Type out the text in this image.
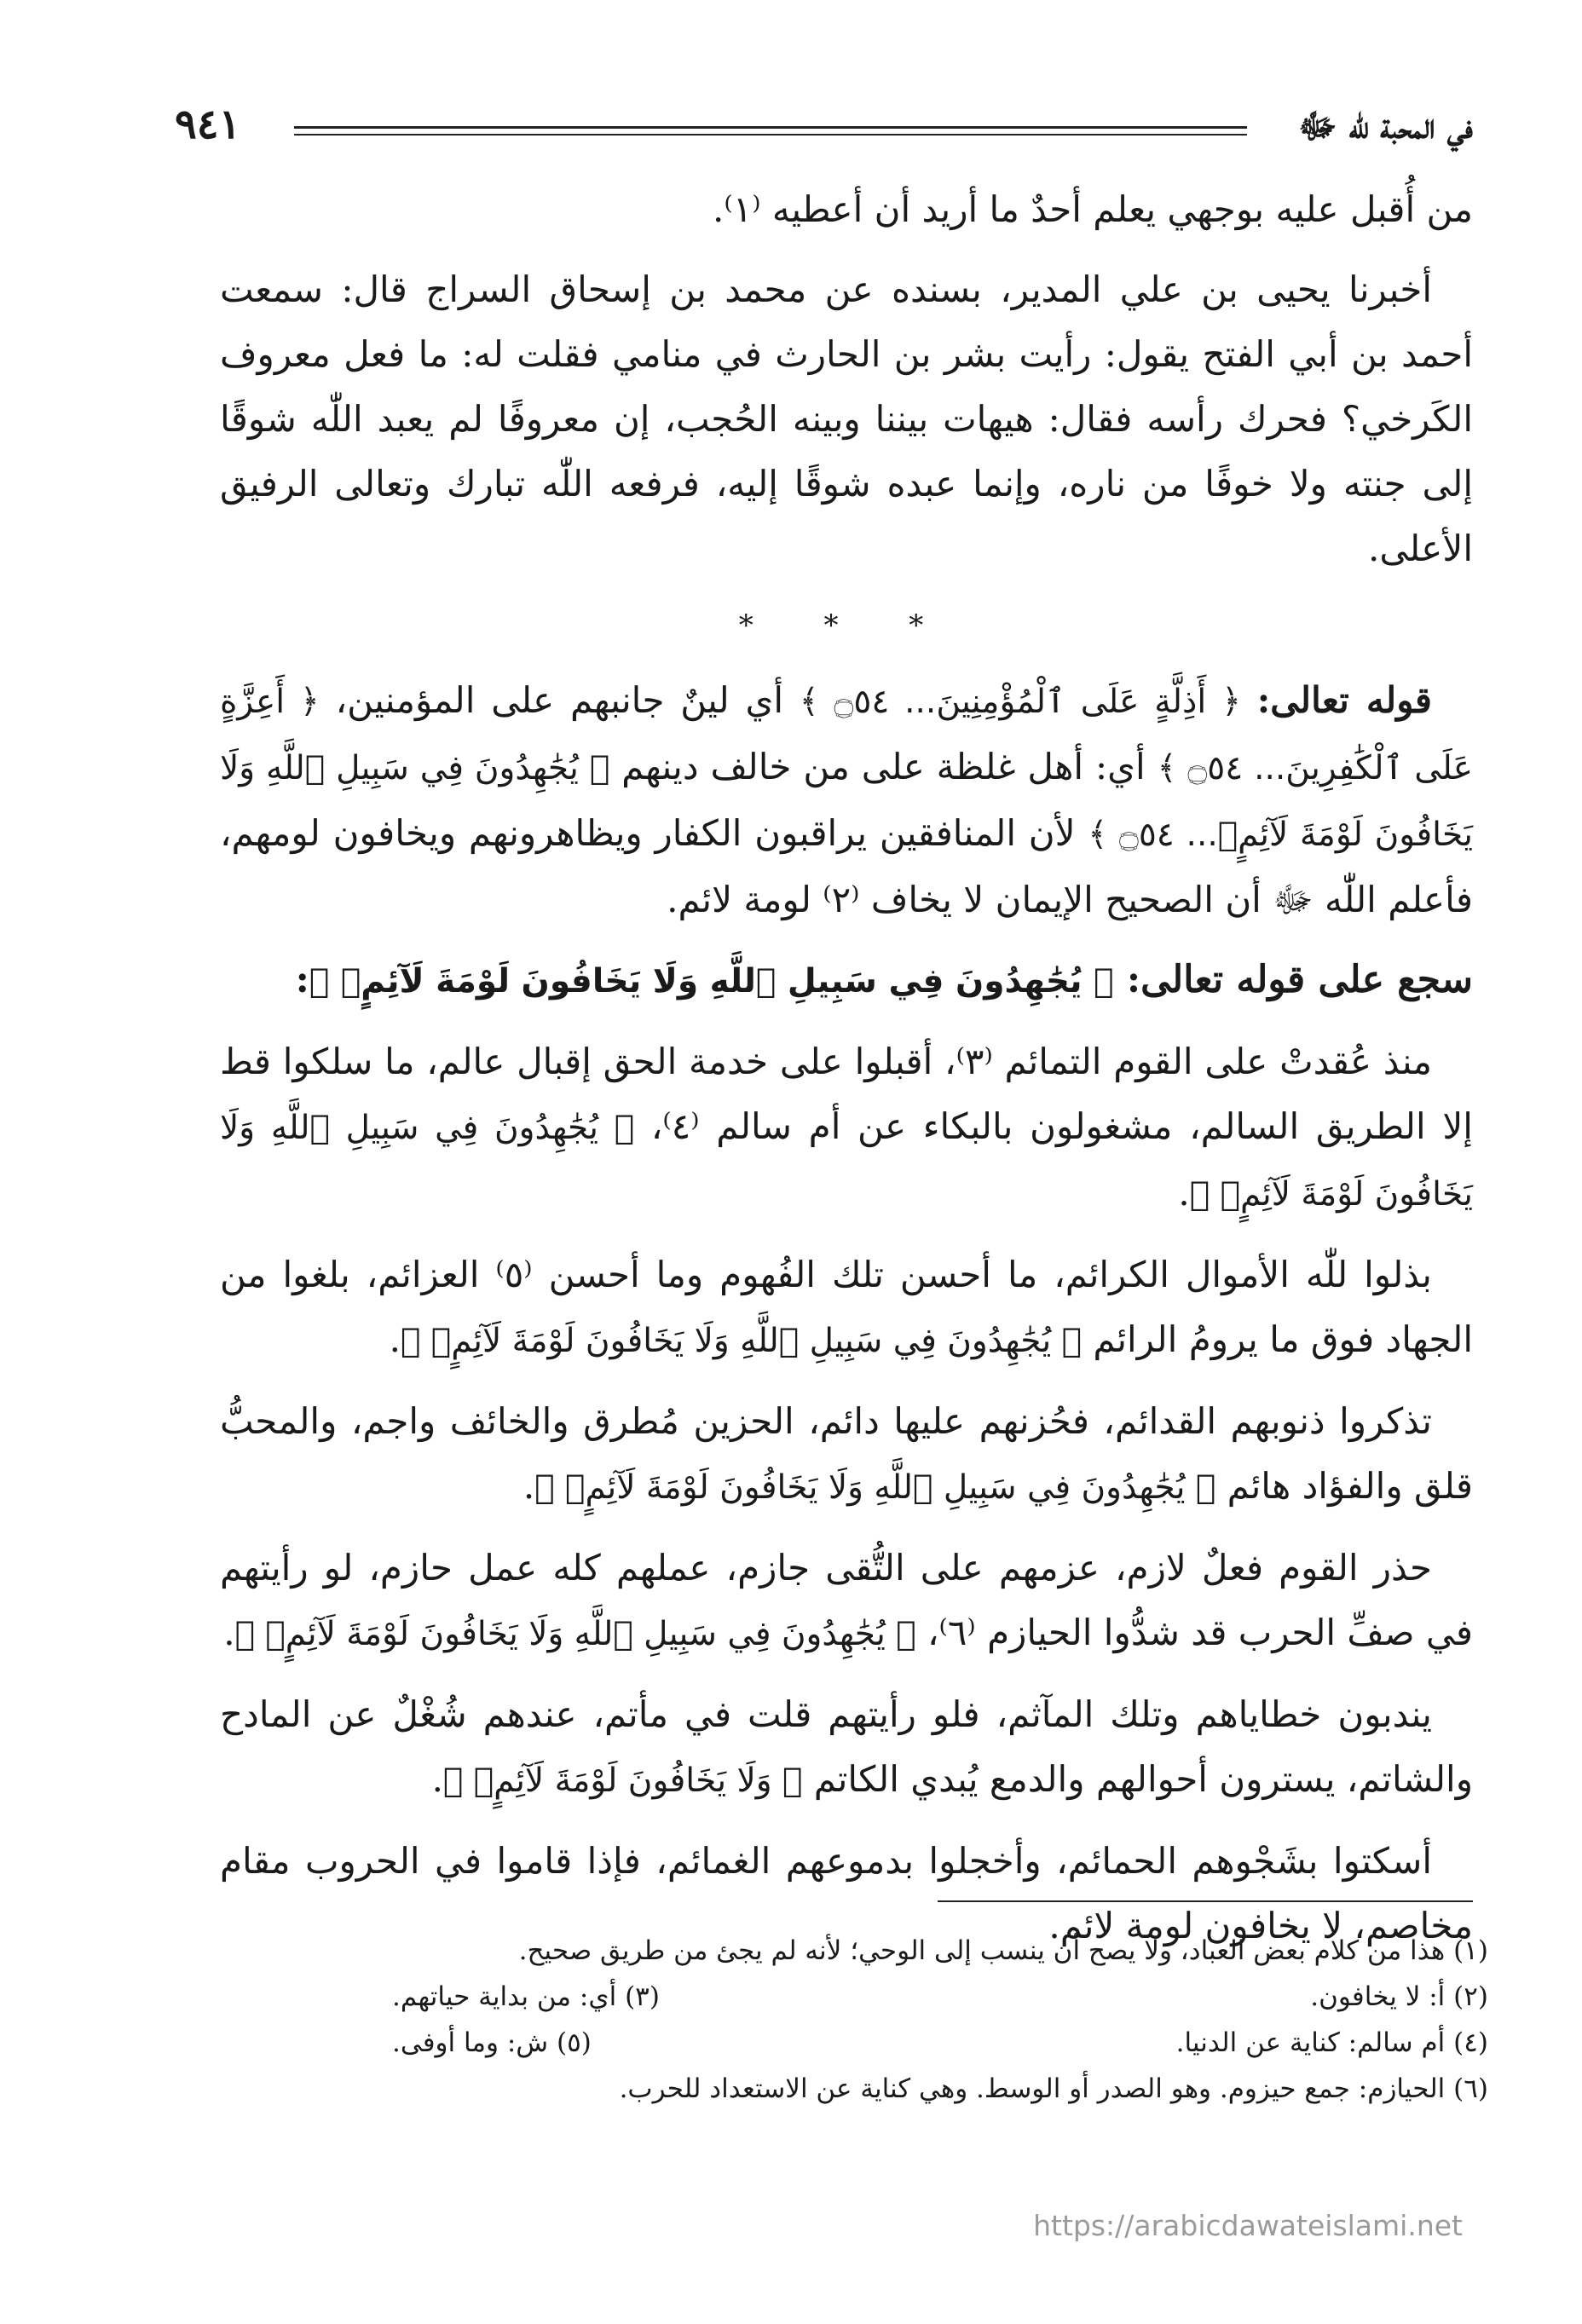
في المحبة للّٰه ﷻ
٩٤١

من أُقبل عليه بوجهي يعلم أحدٌ ما أريد أن أعطيه ⁽١⁾.

أخبرنا يحيى بن علي المدير، بسنده عن محمد بن إسحاق السراج قال: سمعت أحمد بن أبي الفتح يقول: رأيت بشر بن الحارث في منامي فقلت له: ما فعل معروف الكَرخي؟ فحرك رأسه فقال: هيهات بيننا وبينه الحُجب، إن معروفًا لم يعبد اللّٰه شوقًا إلى جنته ولا خوفًا من ناره، وإنما عبده شوقًا إليه، فرفعه اللّٰه تبارك وتعالى الرفيق الأعلى.

* * *

قوله تعالى: ﴿ أَذِلَّةٍ عَلَى ٱلْمُؤْمِنِينَ... ۝٥٤ ﴾ أي لينٌ جانبهم على المؤمنين، ﴿ أَعِزَّةٍ عَلَى ٱلْكَٰفِرِينَ... ۝٥٤ ﴾ أي: أهل غلظة على من خالف دينهم ﴿ يُجَٰهِدُونَ فِي سَبِيلِ ٱللَّهِ وَلَا يَخَافُونَ لَوْمَةَ لَآئِمٍۚ... ۝٥٤ ﴾ لأن المنافقين يراقبون الكفار ويظاهرونهم ويخافون لومهم، فأعلم اللّٰه ﷻ أن الصحيح الإيمان لا يخاف ⁽٢⁾ لومة لائم.

سجع على قوله تعالى: ﴿ يُجَٰهِدُونَ فِي سَبِيلِ ٱللَّهِ وَلَا يَخَافُونَ لَوْمَةَ لَآئِمٍۚ ﴾:

منذ عُقدتْ على القوم التمائم ⁽٣⁾، أقبلوا على خدمة الحق إقبال عالم، ما سلكوا قط إلا الطريق السالم، مشغولون بالبكاء عن أم سالم ⁽٤⁾، ﴿ يُجَٰهِدُونَ فِي سَبِيلِ ٱللَّهِ وَلَا يَخَافُونَ لَوْمَةَ لَآئِمٍۚ ﴾.

بذلوا للّٰه الأموال الكرائم، ما أحسن تلك الفُهوم وما أحسن ⁽٥⁾ العزائم، بلغوا من الجهاد فوق ما يرومُ الرائم ﴿ يُجَٰهِدُونَ فِي سَبِيلِ ٱللَّهِ وَلَا يَخَافُونَ لَوْمَةَ لَآئِمٍۚ ﴾.

تذكروا ذنوبهم القدائم، فحُزنهم عليها دائم، الحزين مُطرق والخائف واجم، والمحبُّ قلق والفؤاد هائم ﴿ يُجَٰهِدُونَ فِي سَبِيلِ ٱللَّهِ وَلَا يَخَافُونَ لَوْمَةَ لَآئِمٍۚ ﴾.

حذر القوم فعلٌ لازم، عزمهم على التُّقى جازم، عملهم كله عمل حازم، لو رأيتهم في صفِّ الحرب قد شدُّوا الحيازم ⁽٦⁾، ﴿ يُجَٰهِدُونَ فِي سَبِيلِ ٱللَّهِ وَلَا يَخَافُونَ لَوْمَةَ لَآئِمٍۚ ﴾.

يندبون خطاياهم وتلك المآثم، فلو رأيتهم قلت في مأتم، عندهم شُغْلٌ عن المادح والشاتم، يسترون أحوالهم والدمع يُبدي الكاتم ﴿ وَلَا يَخَافُونَ لَوْمَةَ لَآئِمٍۚ ﴾.

أسكتوا بشَجْوهم الحمائم، وأخجلوا بدموعهم الغمائم، فإذا قاموا في الحروب مقام مخاصم، لا يخافون لومة لائم.

(١) هذا من كلام بعض العباد، ولا يصح أن ينسب إلى الوحي؛ لأنه لم يجئ من طريق صحيح.
(٢) أ: لا يخافون.
(٣) أي: من بداية حياتهم.
(٤) أم سالم: كناية عن الدنيا.
(٥) ش: وما أوفى.
(٦) الحيازم: جمع حيزوم. وهو الصدر أو الوسط. وهي كناية عن الاستعداد للحرب.
https://arabicdawateislami.net
